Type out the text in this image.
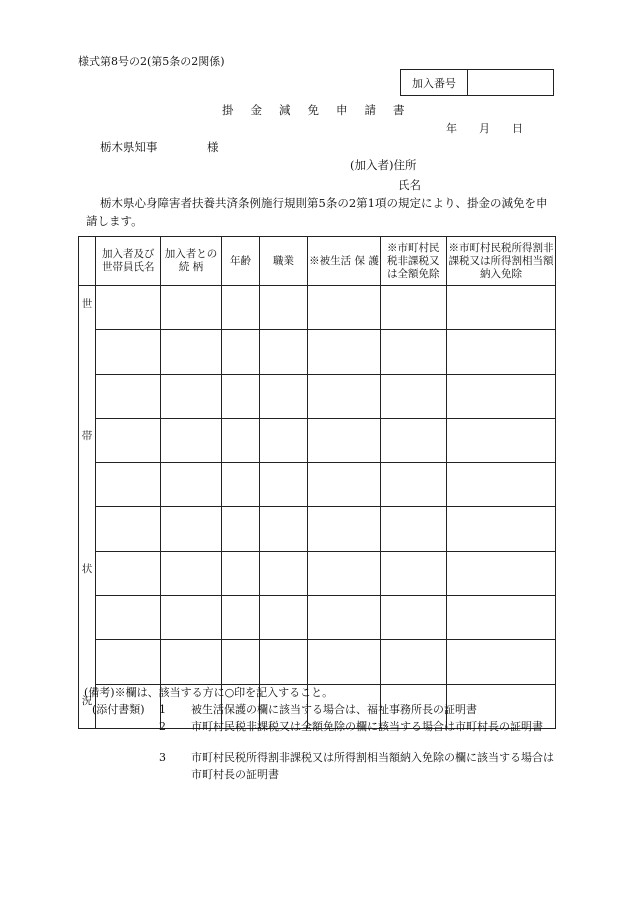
様式第8号の2(第5条の2関係)
加入番号
掛金減免申請書
年 月 日
栃木県知事	様
(加入者)住所
氏名
栃木県心身障害者扶養共済条例施行規則第5条の2第1項の規定により、掛金の減免を申請します。
	加入者及び世帯員氏名	加入者との 続 柄	年齢	職業	※被生活 保 護	※市町村民税非課税又は全額免除	※市町村民税所得割非課税又は所得割相当額納入免除

世
帯
状
況							

(備考)※欄は、該当する方に○印を記入すること。
(添付書類) 1 被生活保護の欄に該当する場合は、福祉事務所長の証明書
2 市町村民税非課税又は全額免除の欄に該当する場合は市町村長の証明書
3 市町村民税所得割非課税又は所得割相当額納入免除の欄に該当する場合は市町村長の証明書
